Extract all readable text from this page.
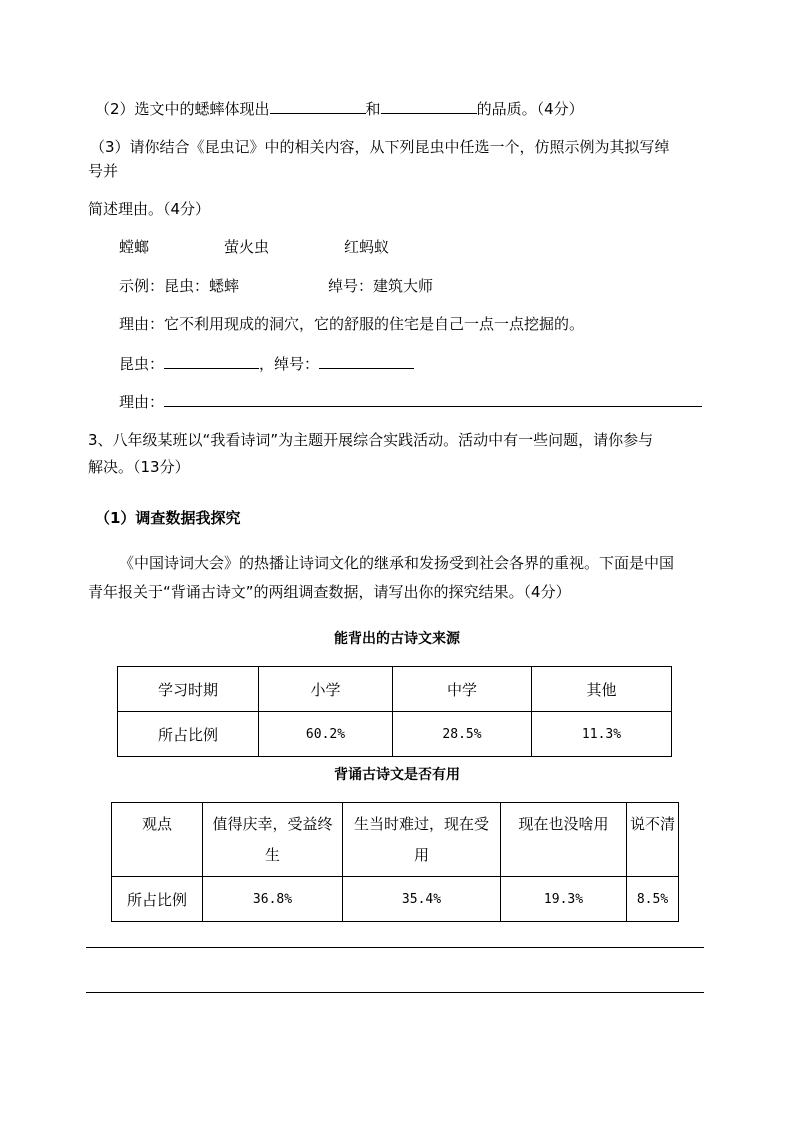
（2）选文中的蟋蟀体现出	和	的品质。（4分）
（3）请你结合《昆虫记》中的相关内容，从下列昆虫中任选一个，仿照示例为其拟写绰
号并
简述理由。（4分）
螳螂	萤火虫	红蚂蚁
示例：昆虫：蟋蟀	绰号：建筑大师
理由：它不利用现成的洞穴，它的舒服的住宅是自己一点一点挖掘的。
昆虫：	，绰号：
理由：
3、八年级某班以“我看诗词”为主题开展综合实践活动。活动中有一些问题，请你参与
解决。（13分）
（1）调查数据我探究
《中国诗词大会》的热播让诗词文化的继承和发扬受到社会各界的重视。下面是中国
青年报关于“背诵古诗文”的两组调查数据，请写出你的探究结果。（4分）
能背出的古诗文来源
学习时期	小学	中学	其他
所占比例	60.2%	28.5%	11.3%
背诵古诗文是否有用
观点	值得庆幸，受益终生	生当时难过，现在受用	现在也没啥用	说不清
所占比例	36.8%	35.4%	19.3%	8.5%
